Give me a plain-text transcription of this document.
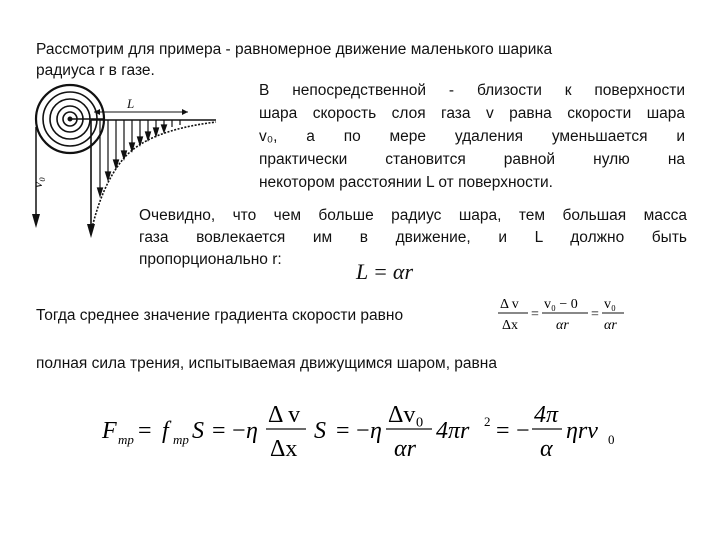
Рассмотрим для примера - равномерное движение маленького шарика
радиуса r в газе.
L
v₀
В непосредственной - близости к поверхности
шара скорость слоя газа v равна скорости шара
v₀, а по мере удаления уменьшается и
практически становится равной нулю на
некотором расстоянии L от поверхности.
Очевидно, что чем больше радиус шара, тем большая масса
газа вовлекается им в движение, и L должно быть
пропорционально r:	L = αr
Тогда среднее значение градиента скорости равно
Δ v
Δx
=
v₀ − 0
αr
=
v₀
αr
полная сила трения, испытываемая движущимся шаром, равна
F тр = f тр S = − η
Δ v
Δx
S = − η
Δv₀
αr
4πr 2 = −
4π
α
ηrv 0
